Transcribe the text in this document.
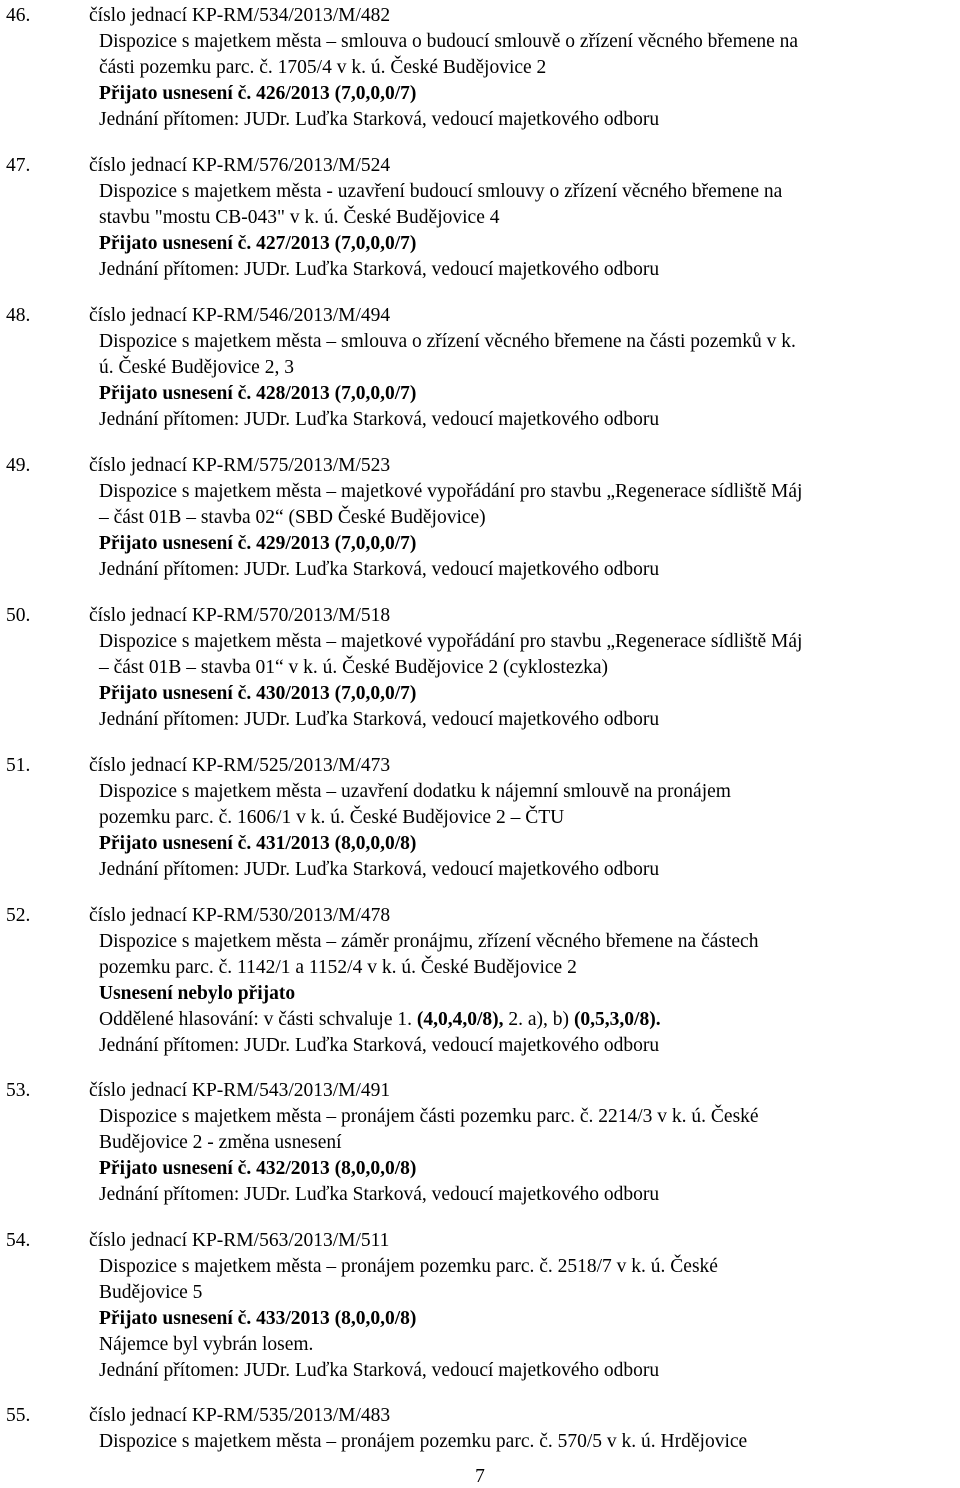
46.	číslo jednací KP-RM/534/2013/M/482
Dispozice s majetkem města – smlouva o budoucí smlouvě o zřízení věcného břemene na
části pozemku parc. č. 1705/4 v k. ú. České Budějovice 2
Přijato usnesení č. 426/2013 (7,0,0,0/7)
Jednání přítomen: JUDr. Luďka Starková, vedoucí majetkového odboru
47.	číslo jednací KP-RM/576/2013/M/524
Dispozice s majetkem města - uzavření budoucí smlouvy o zřízení věcného břemene na
stavbu "mostu CB-043" v k. ú. České Budějovice 4
Přijato usnesení č. 427/2013 (7,0,0,0/7)
Jednání přítomen: JUDr. Luďka Starková, vedoucí majetkového odboru
48.	číslo jednací KP-RM/546/2013/M/494
Dispozice s majetkem města – smlouva o zřízení věcného břemene na části pozemků v k.
ú. České Budějovice 2, 3
Přijato usnesení č. 428/2013 (7,0,0,0/7)
Jednání přítomen: JUDr. Luďka Starková, vedoucí majetkového odboru
49.	číslo jednací KP-RM/575/2013/M/523
Dispozice s majetkem města – majetkové vypořádání pro stavbu „Regenerace sídliště Máj
– část 01B – stavba 02“ (SBD České Budějovice)
Přijato usnesení č. 429/2013 (7,0,0,0/7)
Jednání přítomen: JUDr. Luďka Starková, vedoucí majetkového odboru
50.	číslo jednací KP-RM/570/2013/M/518
Dispozice s majetkem města – majetkové vypořádání pro stavbu „Regenerace sídliště Máj
– část 01B – stavba 01“ v k. ú. České Budějovice 2 (cyklostezka)
Přijato usnesení č. 430/2013 (7,0,0,0/7)
Jednání přítomen: JUDr. Luďka Starková, vedoucí majetkového odboru
51.	číslo jednací KP-RM/525/2013/M/473
Dispozice s majetkem města – uzavření dodatku k nájemní smlouvě na pronájem
pozemku parc. č. 1606/1 v k. ú. České Budějovice 2 – ČTU
Přijato usnesení č. 431/2013 (8,0,0,0/8)
Jednání přítomen: JUDr. Luďka Starková, vedoucí majetkového odboru
52.	číslo jednací KP-RM/530/2013/M/478
Dispozice s majetkem města – záměr pronájmu, zřízení věcného břemene na částech
pozemku parc. č. 1142/1 a 1152/4 v k. ú. České Budějovice 2
Usnesení nebylo přijato
Oddělené hlasování: v části schvaluje 1. (4,0,4,0/8), 2. a), b) (0,5,3,0/8).
Jednání přítomen: JUDr. Luďka Starková, vedoucí majetkového odboru
53.	číslo jednací KP-RM/543/2013/M/491
Dispozice s majetkem města – pronájem části pozemku parc. č. 2214/3 v k. ú. České
Budějovice 2 - změna usnesení
Přijato usnesení č. 432/2013 (8,0,0,0/8)
Jednání přítomen: JUDr. Luďka Starková, vedoucí majetkového odboru
54.	číslo jednací KP-RM/563/2013/M/511
Dispozice s majetkem města – pronájem pozemku parc. č. 2518/7 v k. ú. České
Budějovice 5
Přijato usnesení č. 433/2013 (8,0,0,0/8)
Nájemce byl vybrán losem.
Jednání přítomen: JUDr. Luďka Starková, vedoucí majetkového odboru
55.	číslo jednací KP-RM/535/2013/M/483
Dispozice s majetkem města – pronájem pozemku parc. č. 570/5 v k. ú. Hrdějovice
7
